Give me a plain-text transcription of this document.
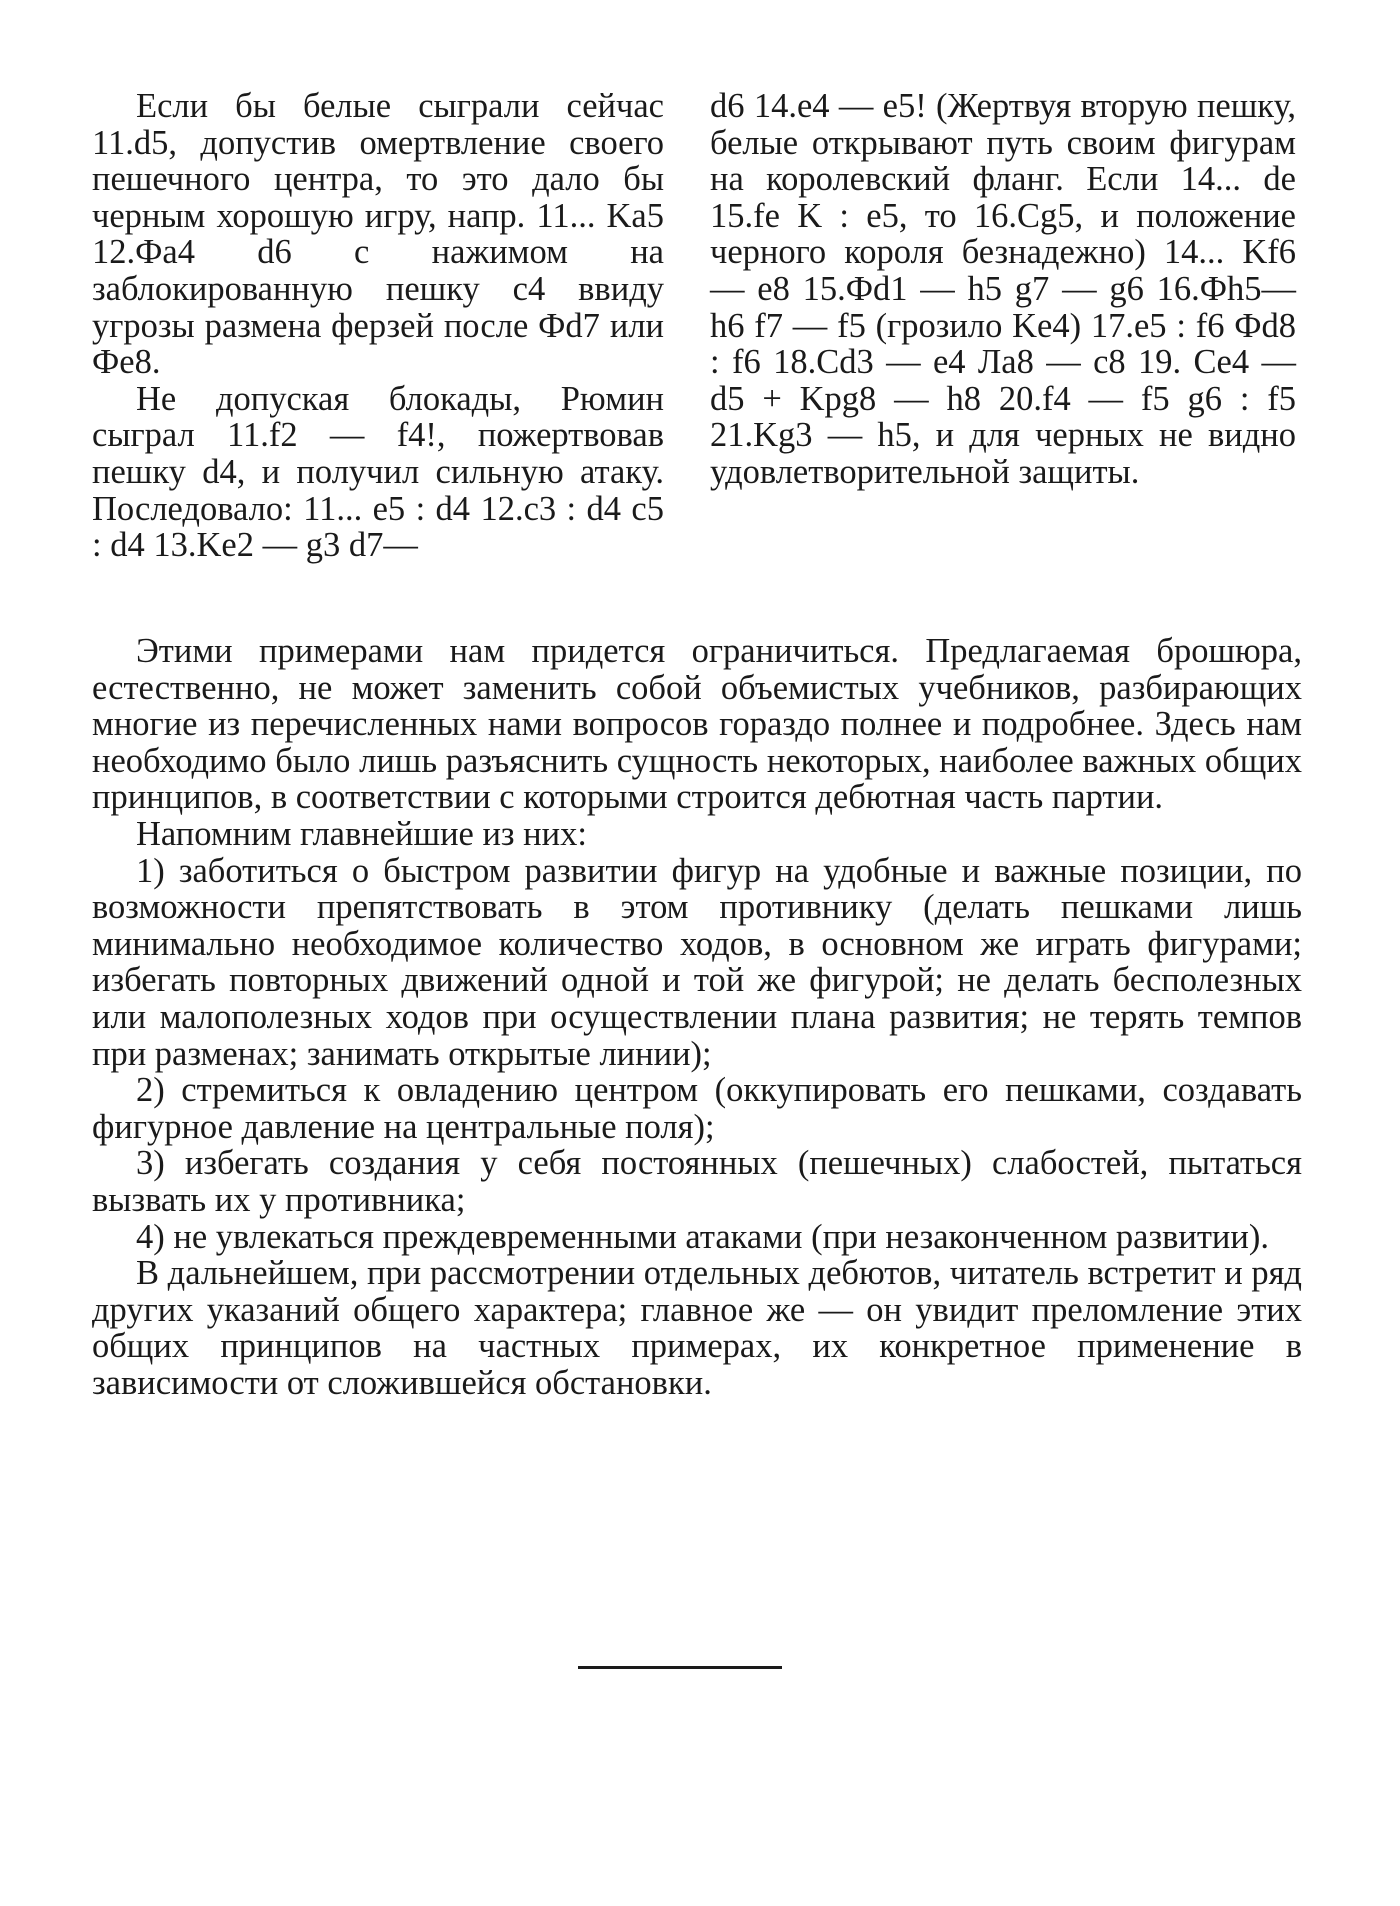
Если бы белые сыграли сейчас 11.d5, допустив омертвление своего пешечного центра, то это дало бы черным хорошую игру, напр. 11... Ka5 12.Фa4 d6 с нажимом на заблокированную пешку c4 ввиду угрозы размена ферзей после Фd7 или Фe8.

Не допуская блокады, Рюмин сыграл 11.f2 — f4!, пожертвовав пешку d4, и получил сильную атаку. Последовало: 11... e5 : d4 12.c3 : d4 c5 : d4 13.Ke2 — g3 d7—

d6 14.e4 — e5! (Жертвуя вторую пешку, белые открывают путь своим фигурам на королевский фланг. Если 14... de 15.fe K : e5, то 16.Cg5, и положение черного короля безнадежно) 14... Kf6 — e8 15.Фd1 — h5 g7 — g6 16.Фh5— h6 f7 — f5 (грозило Ke4) 17.e5 : f6 Фd8 : f6 18.Cd3 — e4 Лa8 — c8 19. Ce4 — d5 + Kpg8 — h8 20.f4 — f5 g6 : f5 21.Kg3 — h5, и для черных не видно удовлетворительной защиты.

Этими примерами нам придется ограничиться. Предлагаемая брошюра, естественно, не может заменить собой объемистых учебников, разбирающих многие из перечисленных нами вопросов гораздо полнее и подробнее. Здесь нам необходимо было лишь разъяснить сущность некоторых, наиболее важных общих принципов, в соответствии с которыми строится дебютная часть партии.

Напомним главнейшие из них:

1) заботиться о быстром развитии фигур на удобные и важные позиции, по возможности препятствовать в этом противнику (делать пешками лишь минимально необходимое количество ходов, в основном же играть фигурами; избегать повторных движений одной и той же фигурой; не делать бесполезных или малополезных ходов при осуществлении плана развития; не терять темпов при разменах; занимать открытые линии);

2) стремиться к овладению центром (оккупировать его пешками, создавать фигурное давление на центральные поля);

3) избегать создания у себя постоянных (пешечных) слабостей, пытаться вызвать их у противника;

4) не увлекаться преждевременными атаками (при незаконченном развитии).

В дальнейшем, при рассмотрении отдельных дебютов, читатель встретит и ряд других указаний общего характера; главное же — он увидит преломление этих общих принципов на частных примерах, их конкретное применение в зависимости от сложившейся обстановки.
